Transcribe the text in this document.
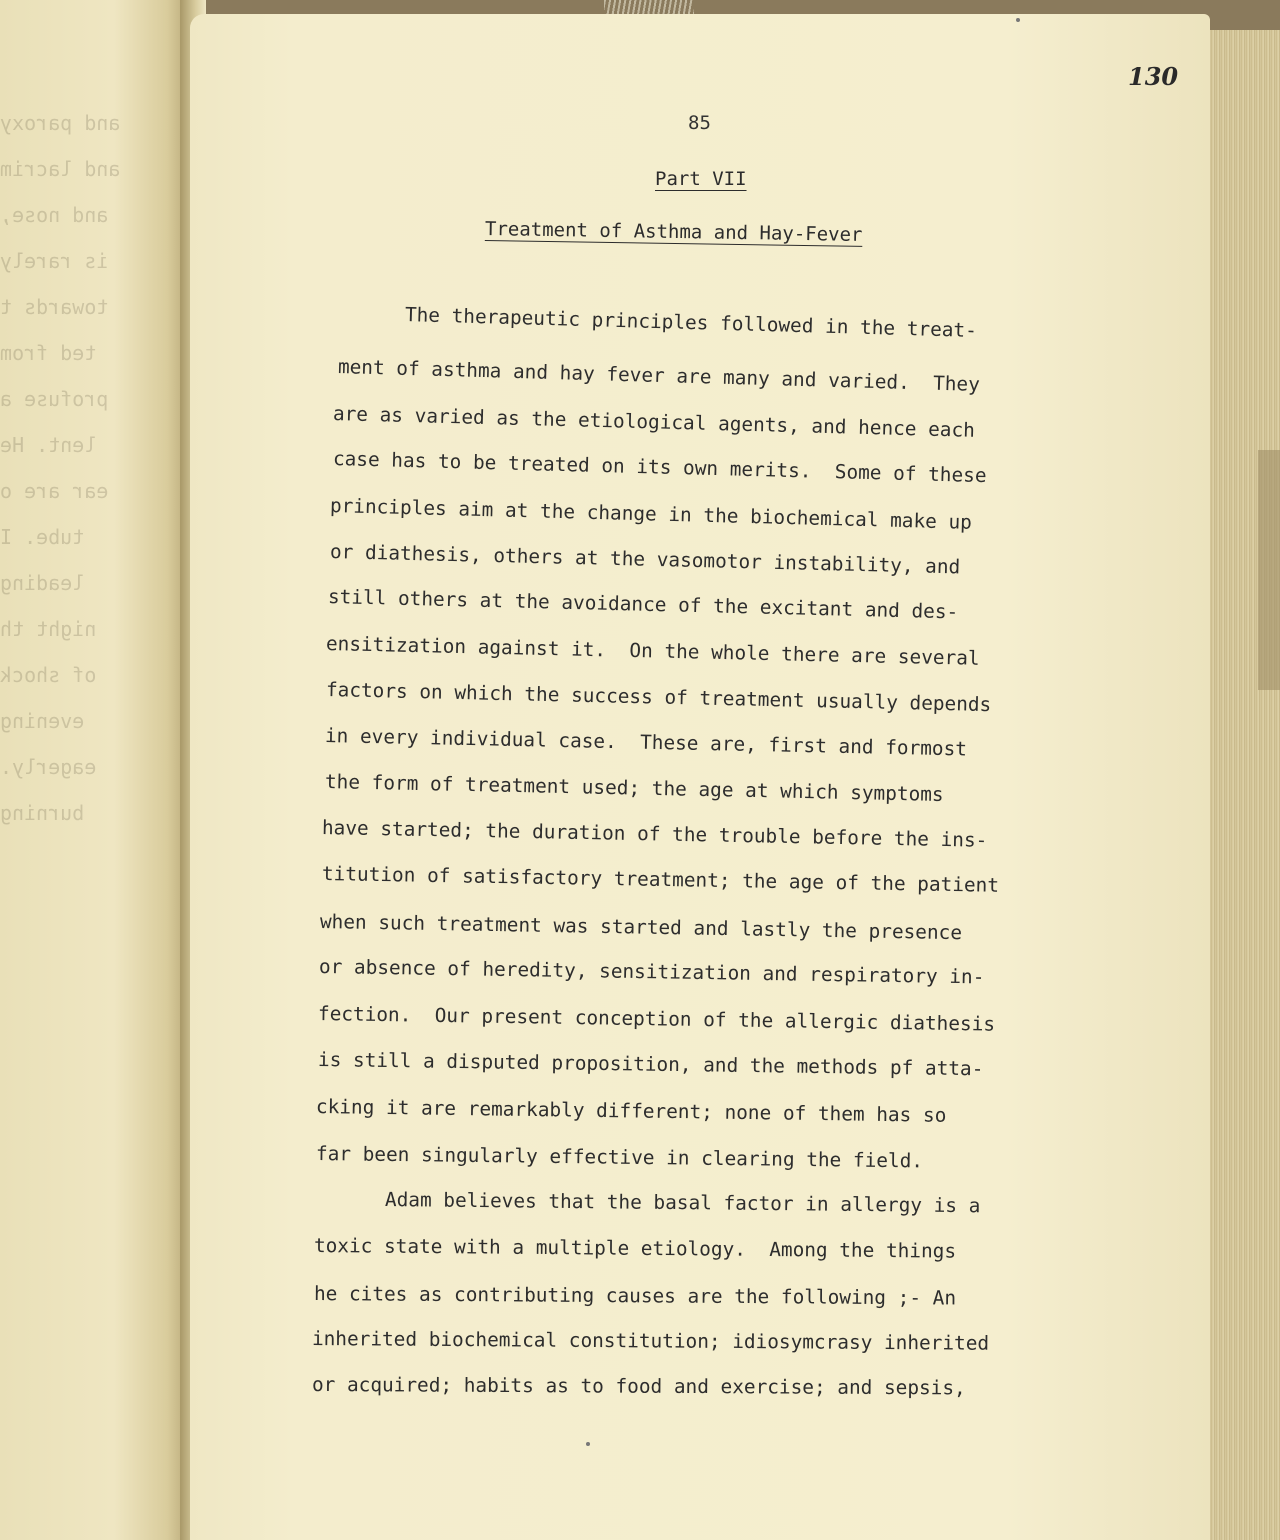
and paroxy
and lacrim
and nose,
is rarely
towards t
ted from
profuse a
lent. He
ear are o
tube. I
leading
night th
of shock
evening
eagerly.
burning
130
85
Part VII
Treatment of Asthma and Hay-Fever
The therapeutic principles followed in the treat-
ment of asthma and hay fever are many and varied.  They
are as varied as the etiological agents, and hence each
case has to be treated on its own merits.  Some of these
principles aim at the change in the biochemical make up
or diathesis, others at the vasomotor instability, and
still others at the avoidance of the excitant and des-
ensitization against it.  On the whole there are several
factors on which the success of treatment usually depends
in every individual case.  These are, first and formost
the form of treatment used; the age at which symptoms
have started; the duration of the trouble before the ins-
titution of satisfactory treatment; the age of the patient
when such treatment was started and lastly the presence
or absence of heredity, sensitization and respiratory in-
fection.  Our present conception of the allergic diathesis
is still a disputed proposition, and the methods pf atta-
cking it are remarkably different; none of them has so
far been singularly effective in clearing the field.
Adam believes that the basal factor in allergy is a
toxic state with a multiple etiology.  Among the things
he cites as contributing causes are the following ;- An
inherited biochemical constitution; idiosymcrasy inherited
or acquired; habits as to food and exercise; and sepsis,
